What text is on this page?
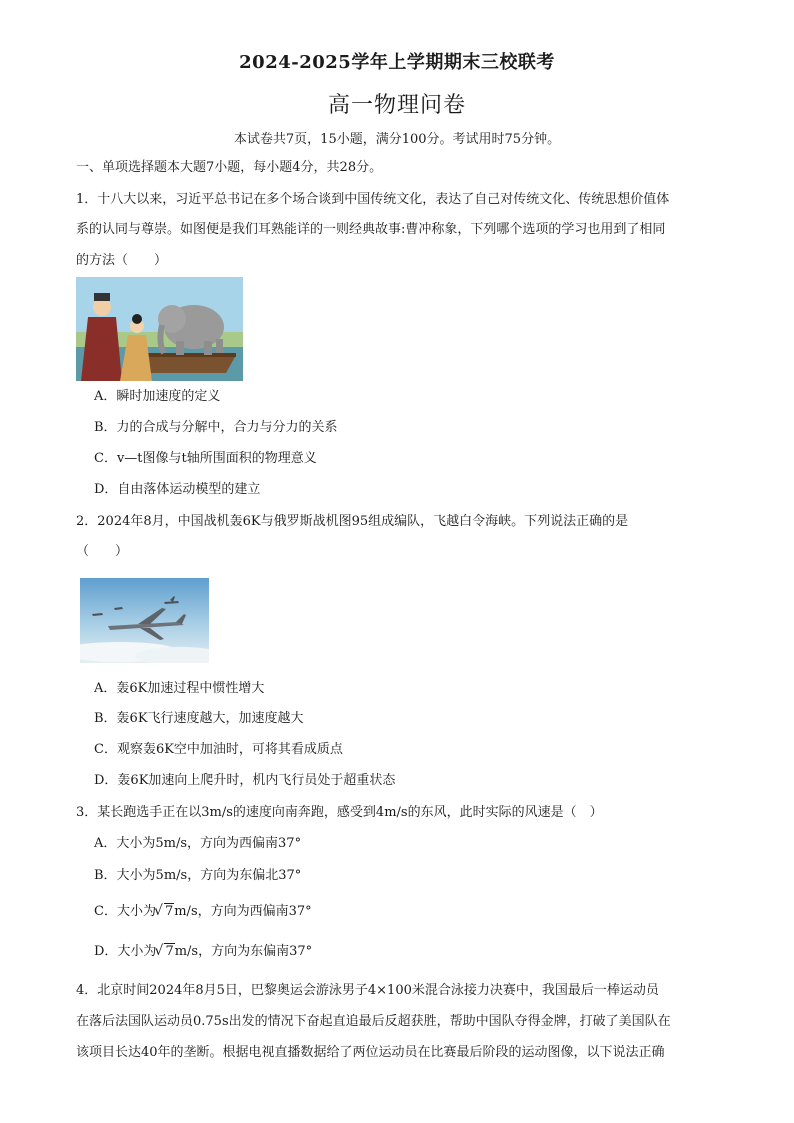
2024-2025学年上学期期末三校联考
高一物理问卷
本试卷共7页，15小题，满分100分。考试用时75分钟。
一、单项选择题本大题7小题，每小题4分，共28分。
1．十八大以来，习近平总书记在多个场合谈到中国传统文化，表达了自己对传统文化、传统思想价值体
系的认同与尊崇。如图便是我们耳熟能详的一则经典故事:曹冲称象，下列哪个选项的学习也用到了相同
的方法（　　）
A．瞬时加速度的定义
B．力的合成与分解中，合力与分力的关系
C．v—t图像与t轴所围面积的物理意义
D．自由落体运动模型的建立
2．2024年8月，中国战机轰6K与俄罗斯战机图95组成编队，飞越白令海峡。下列说法正确的是
（　　）
A．轰6K加速过程中惯性增大
B．轰6K飞行速度越大，加速度越大
C．观察轰6K空中加油时，可将其看成质点
D．轰6K加速向上爬升时，机内飞行员处于超重状态
3．某长跑选手正在以3m/s的速度向南奔跑，感受到4m/s的东风，此时实际的风速是（　）
A．大小为5m/s，方向为西偏南37°
B．大小为5m/s，方向为东偏北37°
C．大小为 √ 7m/s，方向为西偏南37°
D．大小为 √ 7m/s，方向为东偏南37°
4．北京时间2024年8月5日，巴黎奥运会游泳男子4×100米混合泳接力决赛中，我国最后一棒运动员
在落后法国队运动员0.75s出发的情况下奋起直追最后反超获胜，帮助中国队夺得金牌，打破了美国队在
该项目长达40年的垄断。根据电视直播数据给了两位运动员在比赛最后阶段的运动图像，以下说法正确
